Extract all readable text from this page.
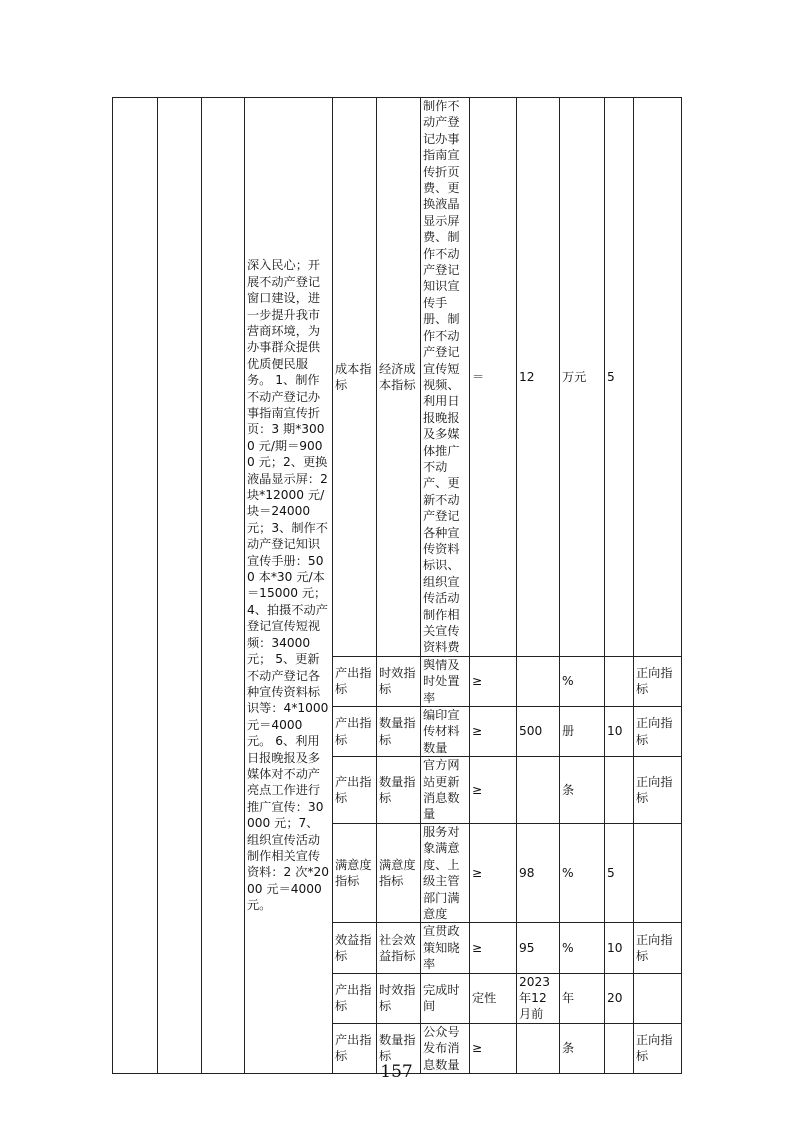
			深入民心；开展不动产登记窗口建设，进一步提升我市营商环境，为办事群众提供优质便民服务。 1、制作不动产登记办事指南宣传折页：3 期*3000 元/期＝9000 元；2、更换液晶显示屏：2 块*12000 元/块＝24000 元；3、制作不动产登记知识宣传手册：500 本*30 元/本＝15000 元；4、拍摄不动产登记宣传短视频：34000 元； 5、更新不动产登记各种宣传资料标识等：4*1000 元＝4000 元。 6、利用日报晚报及多媒体对不动产亮点工作进行推广宣传：30000 元；7、组织宣传活动制作相关宣传资料：2 次*2000 元＝4000 元。	成本指标	经济成本指标	制作不动产登记办事指南宣传折页费、更换液晶显示屏费、制作不动产登记知识宣传手册、制作不动产登记宣传短视频、利用日报晚报及多媒体推广不动产、更新不动产登记各种宣传资料标识、组织宣传活动制作相关宣传资料费	＝	12	万元	5	
				产出指标	时效指标	舆情及时处置率	≥		%		正向指标
				产出指标	数量指标	编印宣传材料数量	≥	500	册	10	正向指标
				产出指标	数量指标	官方网站更新消息数量	≥		条		正向指标
				满意度指标	满意度指标	服务对象满意度、上级主管部门满意度	≥	98	%	5	
				效益指标	社会效益指标	宣贯政策知晓率	≥	95	%	10	正向指标
				产出指标	时效指标	完成时间	定性	2023年12月前	年	20	
				产出指标	数量指标	公众号发布消息数量	≥		条		正向指标
157
